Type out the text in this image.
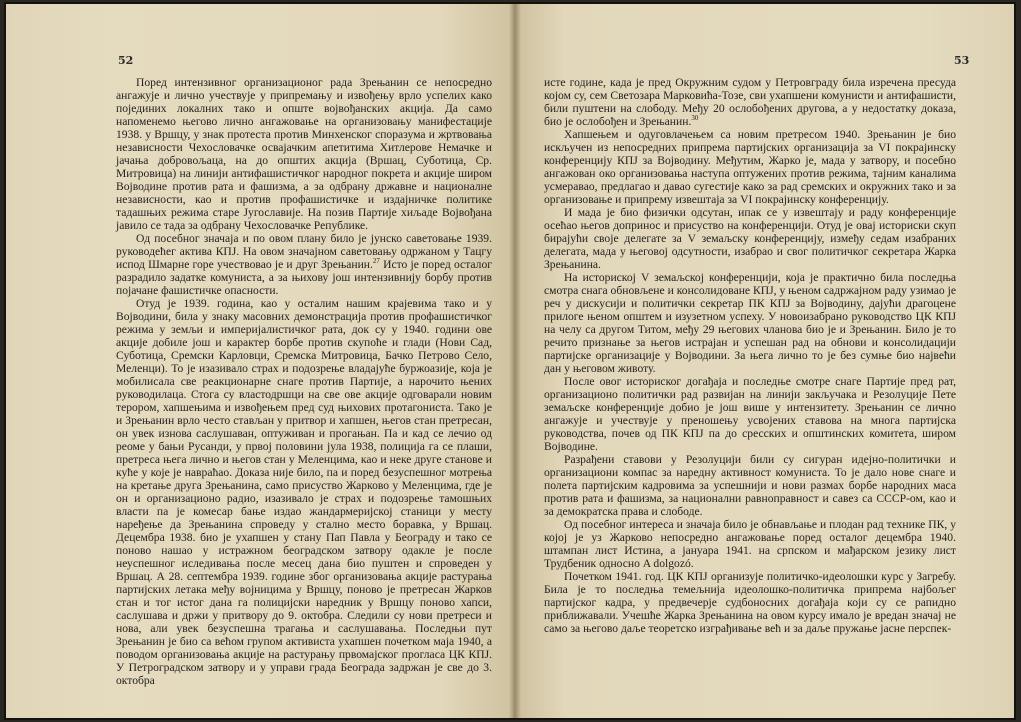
52

Поред интензивног организационог рада Зрењанин се непосредно ангажује и лично учествује у припремању и извођењу врло успелих како појединих локалних тако и опште војвођанских акција. Да само напоменемо његово лично ангажовање на организовању манифестације 1938. у Вршцу, у знак протеста против Минхенског споразума и жртвовања независности Чехословачке освајачким апетитима Хитлерове Немачке и јачања добровољаца, на до општих акција (Вршац, Суботица, Ср. Митровица) на линији антифашистичког народног покрета и акције широм Војводине против рата и фашизма, а за одбрану државне и националне независности, као и против профашистичке и издајничке политике тадашњих режима старе Југославије. На позив Партије хиљаде Војвођана јавило се тада за одбрану Чехословачке Републике.

Од посебног значаја и по овом плану било је јунско саветовање 1939. руководећег актива КПЈ. На овом значајном саветовању одржаном у Тацгу испод Шмарне горе учествовао је и друг Зрењанин.$^{27}$ Исто је поред осталог разрадило задатке комуниста, а за њихову још интензивнију борбу против појачане фашистичке опасности.

Отуд је 1939. година, као у осталим нашим крајевима тако и у Војводини, била у знаку масовних демонстрација против профашистичког режима у земљи и империјалистичког рата, док су у 1940. години ове акције добиле још и карактер борбе против скупоће и глади (Нови Сад, Суботица, Сремски Карловци, Сремска Митровица, Бачко Петрово Село, Меленци). То је изазивало страх и подозрење владајуће буржоазије, која је мобилисала све реакционарне снаге против Партије, а нарочито њених руководилаца. Стога су властодршци на све ове акције одговарали новим терором, хапшењима и извођењем пред суд њихових протагониста. Тако је и Зрењанин врло често стављан у притвор и хапшен, његов стан претресан, он увек изнова саслушаван, оптуживан и прогањан. Па и кад се лечио од реоме у бањи Русанди, у првој половини јула 1938, полиција га се плаши, претреса њега лично и његов стан у Меленцима, као и неке друге станове и куће у које је навраћао. Доказа није било, па и поред безуспешног мотрења на кретање друга Зрењанина, само присуство Жарково у Меленцима, где је он и организационо радио, изазивало је страх и подозрење тамошњих власти па је комесар бање издао жандармеријској станици у месту наређење да Зрењанина спроведу у стално место боравка, у Вршац. Децембра 1938. био је ухапшен у стану Пап Павла у Београду и тако се поново нашао у истражном београдском затвору одакле је после неуспешног иследивања после месец дана био пуштен и спроведен у Вршац. А 28. септембра 1939. године због организовања акције растурања партијских летака међу војницима у Вршцу, поново је претресан Жарков стан и тог истог дана га полицијски наредник у Вршцу поново хапси, саслушава и држи у притвору до 9. октобра. Следили су нови претреси и нова, али увек безуспешна трагања и саслушавања. Последњи пут Зрењанин је био са већом групом активиста ухапшен почетком маја 1940, а поводом организовања акције на растурању првомајског прогласа ЦК КПЈ. У Петроградском затвору и у управи града Београда задржан је све до 3. октобра

53

исте године, када је пред Окружним судом у Петровграду била изречена пресуда којом су, сем Светозара Марковића-Тозе, сви ухапшени комунисти и антифашисти, били пуштени на слободу. Међу 20 ослобођених другова, а у недостатку доказа, био је ослобођен и Зрењанин.$^{30}$

Хапшењем и одуговлачењем са новим претресом 1940. Зрењанин је био искључен из непосредних припрема партијских организација за VI покрајинску конференцију КПЈ за Војводину. Међутим, Жарко је, мада у затвору, и посебно ангажован око организовања наступа оптужених против режима, тајним каналима усмеравао, предлагао и давао сугестије како за рад сремских и окружних тако и за организовање и припрему извештаја за VI покрајинску конференцију.

И мада је био физички одсутан, ипак се у извештају и раду конференције осећао његов допринос и присуство на конференцији. Отуд је овај историски скуп бирајући своје делегате за V земаљску конференцију, између седам изабраних делегата, мада у његовој одсутности, изабрао и свог политичког секретара Жарка Зрењанина.

На историској V земаљској конференцији, која је практично била последња смотра снага обновљене и консолидоване КПЈ, у њеном садржајном раду узимао је реч у дискусији и политички секретар ПК КПЈ за Војводину, дајући драгоцене прилоге њеном општем и изузетном успеху. У новоизабрано руководство ЦК КПЈ на челу са другом Титом, међу 29 његових чланова био је и Зрењанин. Било је то речито признање за његов истрајан и успешан рад на обнови и консолидацији партијске организације у Војводини. За њега лично то је без сумње био највећи дан у његовом животу.

После овог историског догађаја и последње смотре снаге Партије пред рат, организационо политички рад развијан на линији закључака и Резолуције Пете земаљске конференције добио је још више у интензитету. Зрењанин се лично ангажује и учествује у преношењу усвојених ставова на многа партијска руководства, почев од ПК КПЈ па до сресских и општинских комитета, широм Војводине.

Разрађени ставови у Резолуцији били су сигуран идејно-политички и организациони компас за наредну активност комуниста. То је дало нове снаге и полета партијским кадровима за успешнији и нови размах борбе народних маса против рата и фашизма, за национални равноправност и савез са СССР-ом, као и за демократска права и слободе.

Од посебног интереса и значаја било је обнављање и плодан рад технике ПК, у којој је уз Жарково непосредно ангажовање поред осталог децембра 1940. штампан лист Истина, а јануара 1941. на српском и мађарском језику лист Трудбеник односно A dolgozó.

Почетком 1941. год. ЦК КПЈ организује политичко-идеолошки курс у Загребу. Била је то последња темељнија идеолошко-политичка припрема најбољег партијског кадра, у предвечерје судбоносних догађаја који су се рапидно приближавали. Учешће Жарка Зрењанина на овом курсу имало је вредан значај не само за његово даље теоретско изграђивање већ и за даље пружање јасне перспек-
